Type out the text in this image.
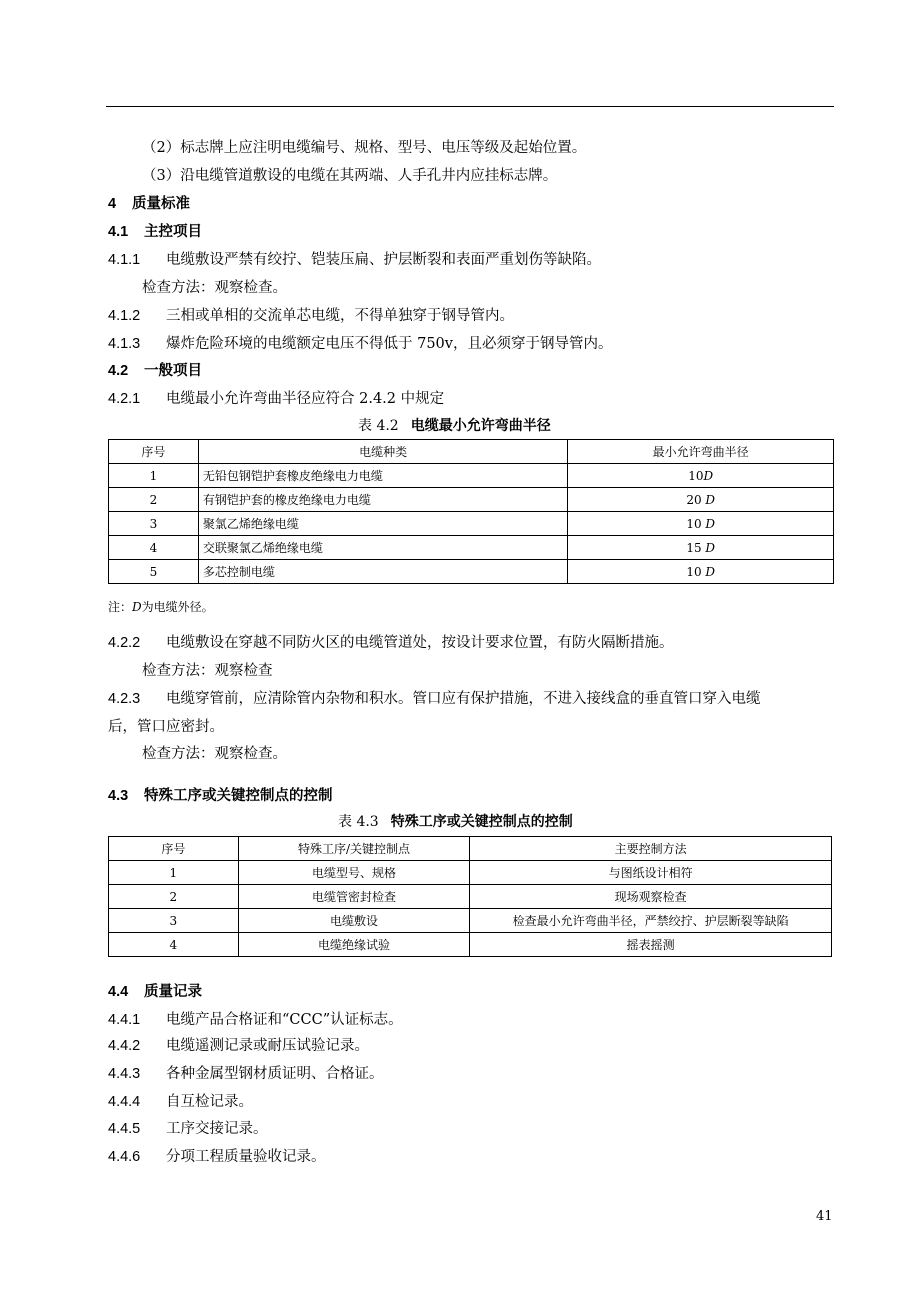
（2）标志牌上应注明电缆编号、规格、型号、电压等级及起始位置。
（3）沿电缆管道敷设的电缆在其两端、人手孔井内应挂标志牌。
4 质量标准
4.1 主控项目
4.1.1 电缆敷设严禁有绞拧、铠装压扁、护层断裂和表面严重划伤等缺陷。
检查方法：观察检查。
4.1.2 三相或单相的交流单芯电缆，不得单独穿于钢导管内。
4.1.3 爆炸危险环境的电缆额定电压不得低于 750v，且必须穿于钢导管内。
4.2 一般项目
4.2.1 电缆最小允许弯曲半径应符合 2.4.2 中规定
表 4.2 电缆最小允许弯曲半径
序号	电缆种类	最小允许弯曲半径
1	无铅包钢铠护套橡皮绝缘电力电缆	10D
2	有钢铠护套的橡皮绝缘电力电缆	20 D
3	聚氯乙烯绝缘电缆	10 D
4	交联聚氯乙烯绝缘电缆	15 D
5	多芯控制电缆	10 D
注：D为电缆外径。
4.2.2 电缆敷设在穿越不同防火区的电缆管道处，按设计要求位置，有防火隔断措施。
检查方法：观察检查
4.2.3 电缆穿管前，应清除管内杂物和积水。管口应有保护措施，不进入接线盒的垂直管口穿入电缆
后，管口应密封。
检查方法：观察检查。
4.3 特殊工序或关键控制点的控制
表 4.3 特殊工序或关键控制点的控制
序号	特殊工序/关键控制点	主要控制方法
1	电缆型号、规格	与图纸设计相符
2	电缆管密封检查	现场观察检查
3	电缆敷设	检查最小允许弯曲半径，严禁绞拧、护层断裂等缺陷
4	电缆绝缘试验	摇表摇测
4.4 质量记录
4.4.1 电缆产品合格证和“CCC”认证标志。
4.4.2 电缆遥测记录或耐压试验记录。
4.4.3 各种金属型钢材质证明、合格证。
4.4.4 自互检记录。
4.4.5 工序交接记录。
4.4.6 分项工程质量验收记录。
41
